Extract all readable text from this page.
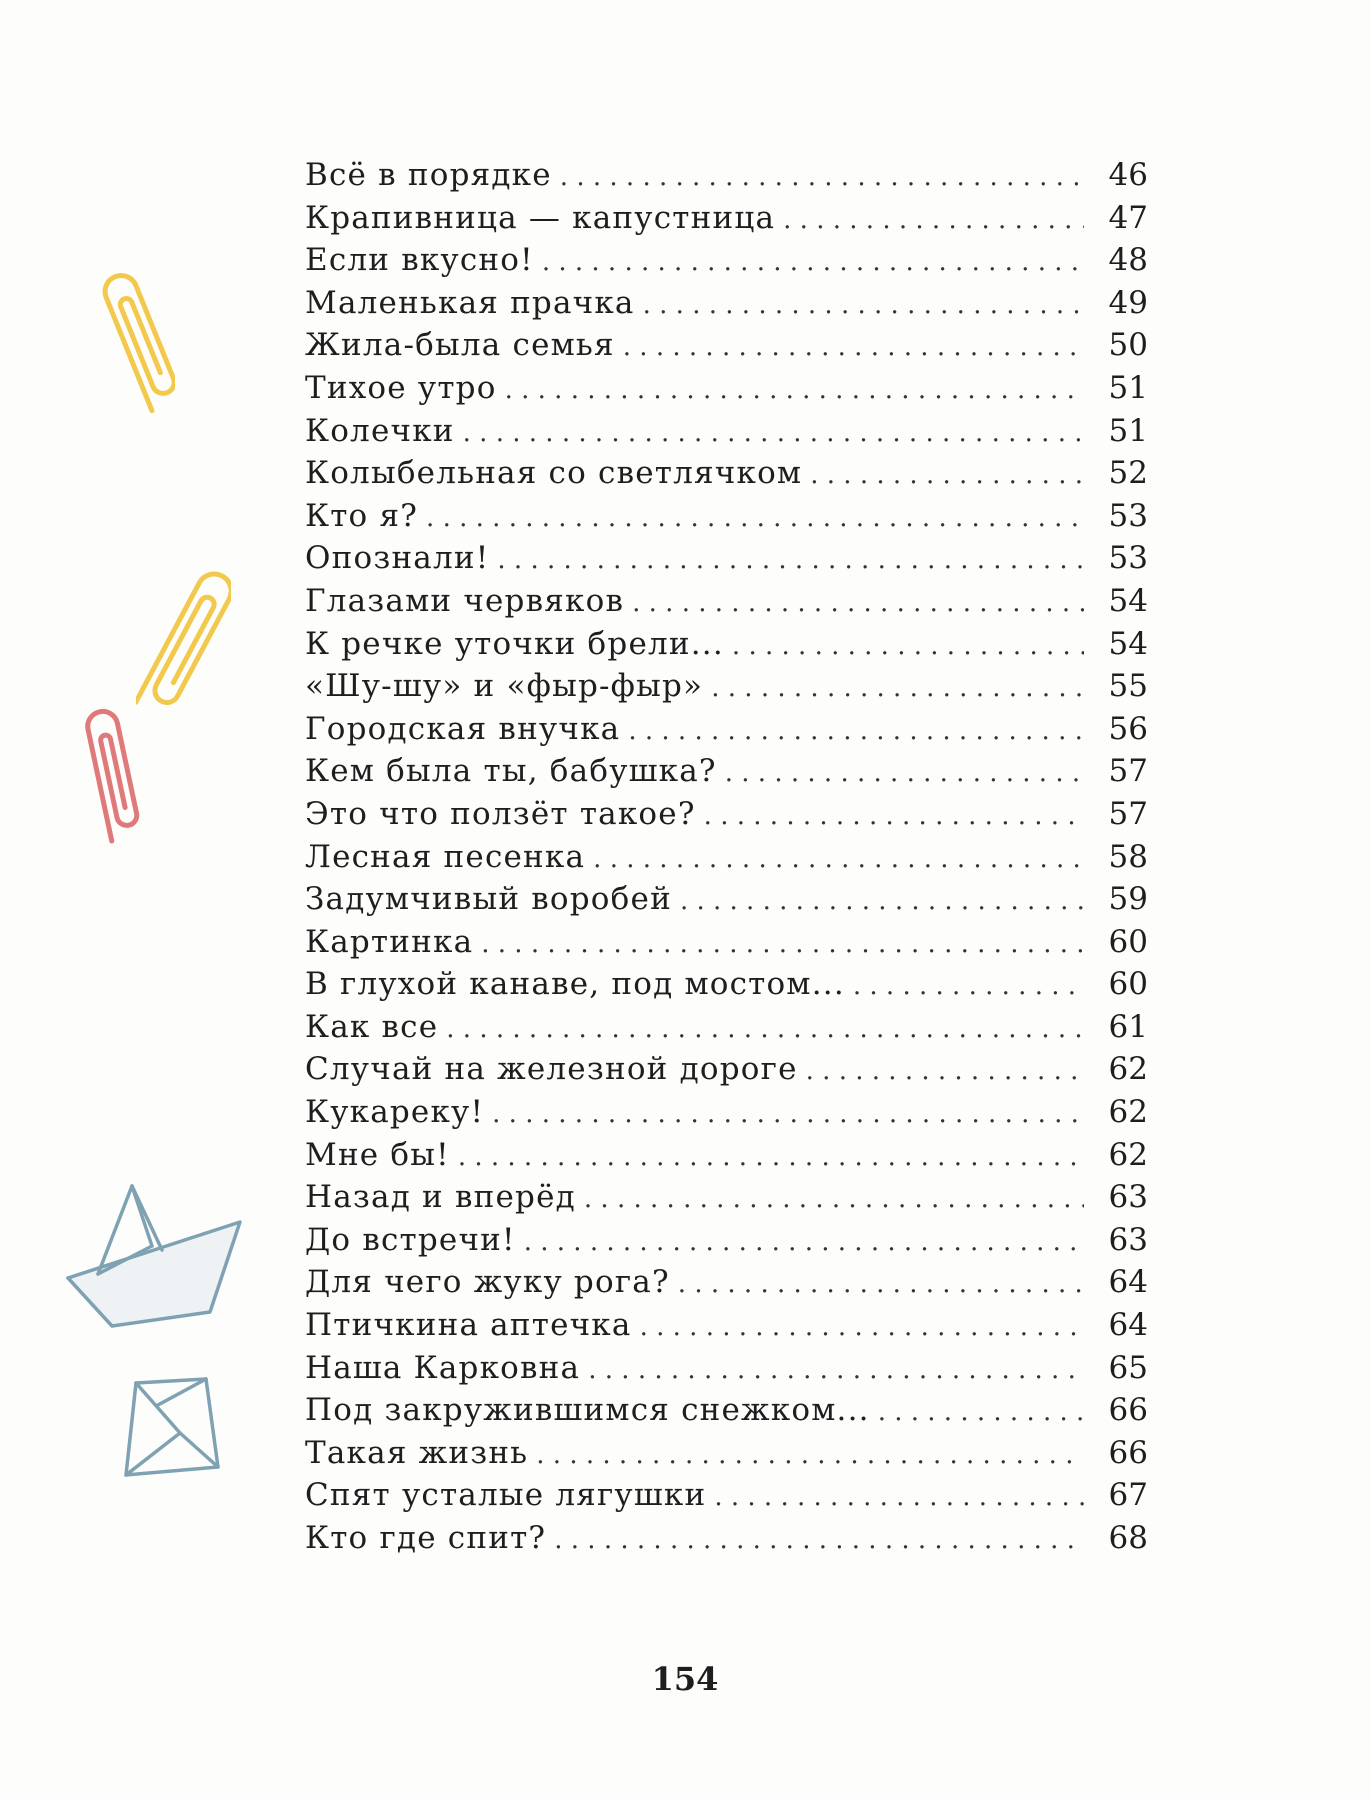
Всё в порядке . . .	46
Крапивница — капустница . . .	47
Если вкусно! . . .	48
Маленькая прачка . . .	49
Жила-была семья . . .	50
Тихое утро . . .	51
Колечки . . .	51
Колыбельная со светлячком . . .	52
Кто я? . . .	53
Опознали! . . .	53
Глазами червяков . . .	54
К речке уточки брели... . . .	54
«Шу-шу» и «фыр-фыр» . . .	55
Городская внучка . . .	56
Кем была ты, бабушка? . . .	57
Это что ползёт такое? . . .	57
Лесная песенка . . .	58
Задумчивый воробей . . .	59
Картинка . . .	60
В глухой канаве, под мостом... . . .	60
Как все . . .	61
Случай на железной дороге . . .	62
Кукареку! . . .	62
Мне бы! . . .	62
Назад и вперёд . . .	63
До встречи! . . .	63
Для чего жуку рога? . . .	64
Птичкина аптечка . . .	64
Наша Карковна . . .	65
Под закружившимся снежком... . . .	66
Такая жизнь . . .	66
Спят усталые лягушки . . .	67
Кто где спит? . . .	68
154
